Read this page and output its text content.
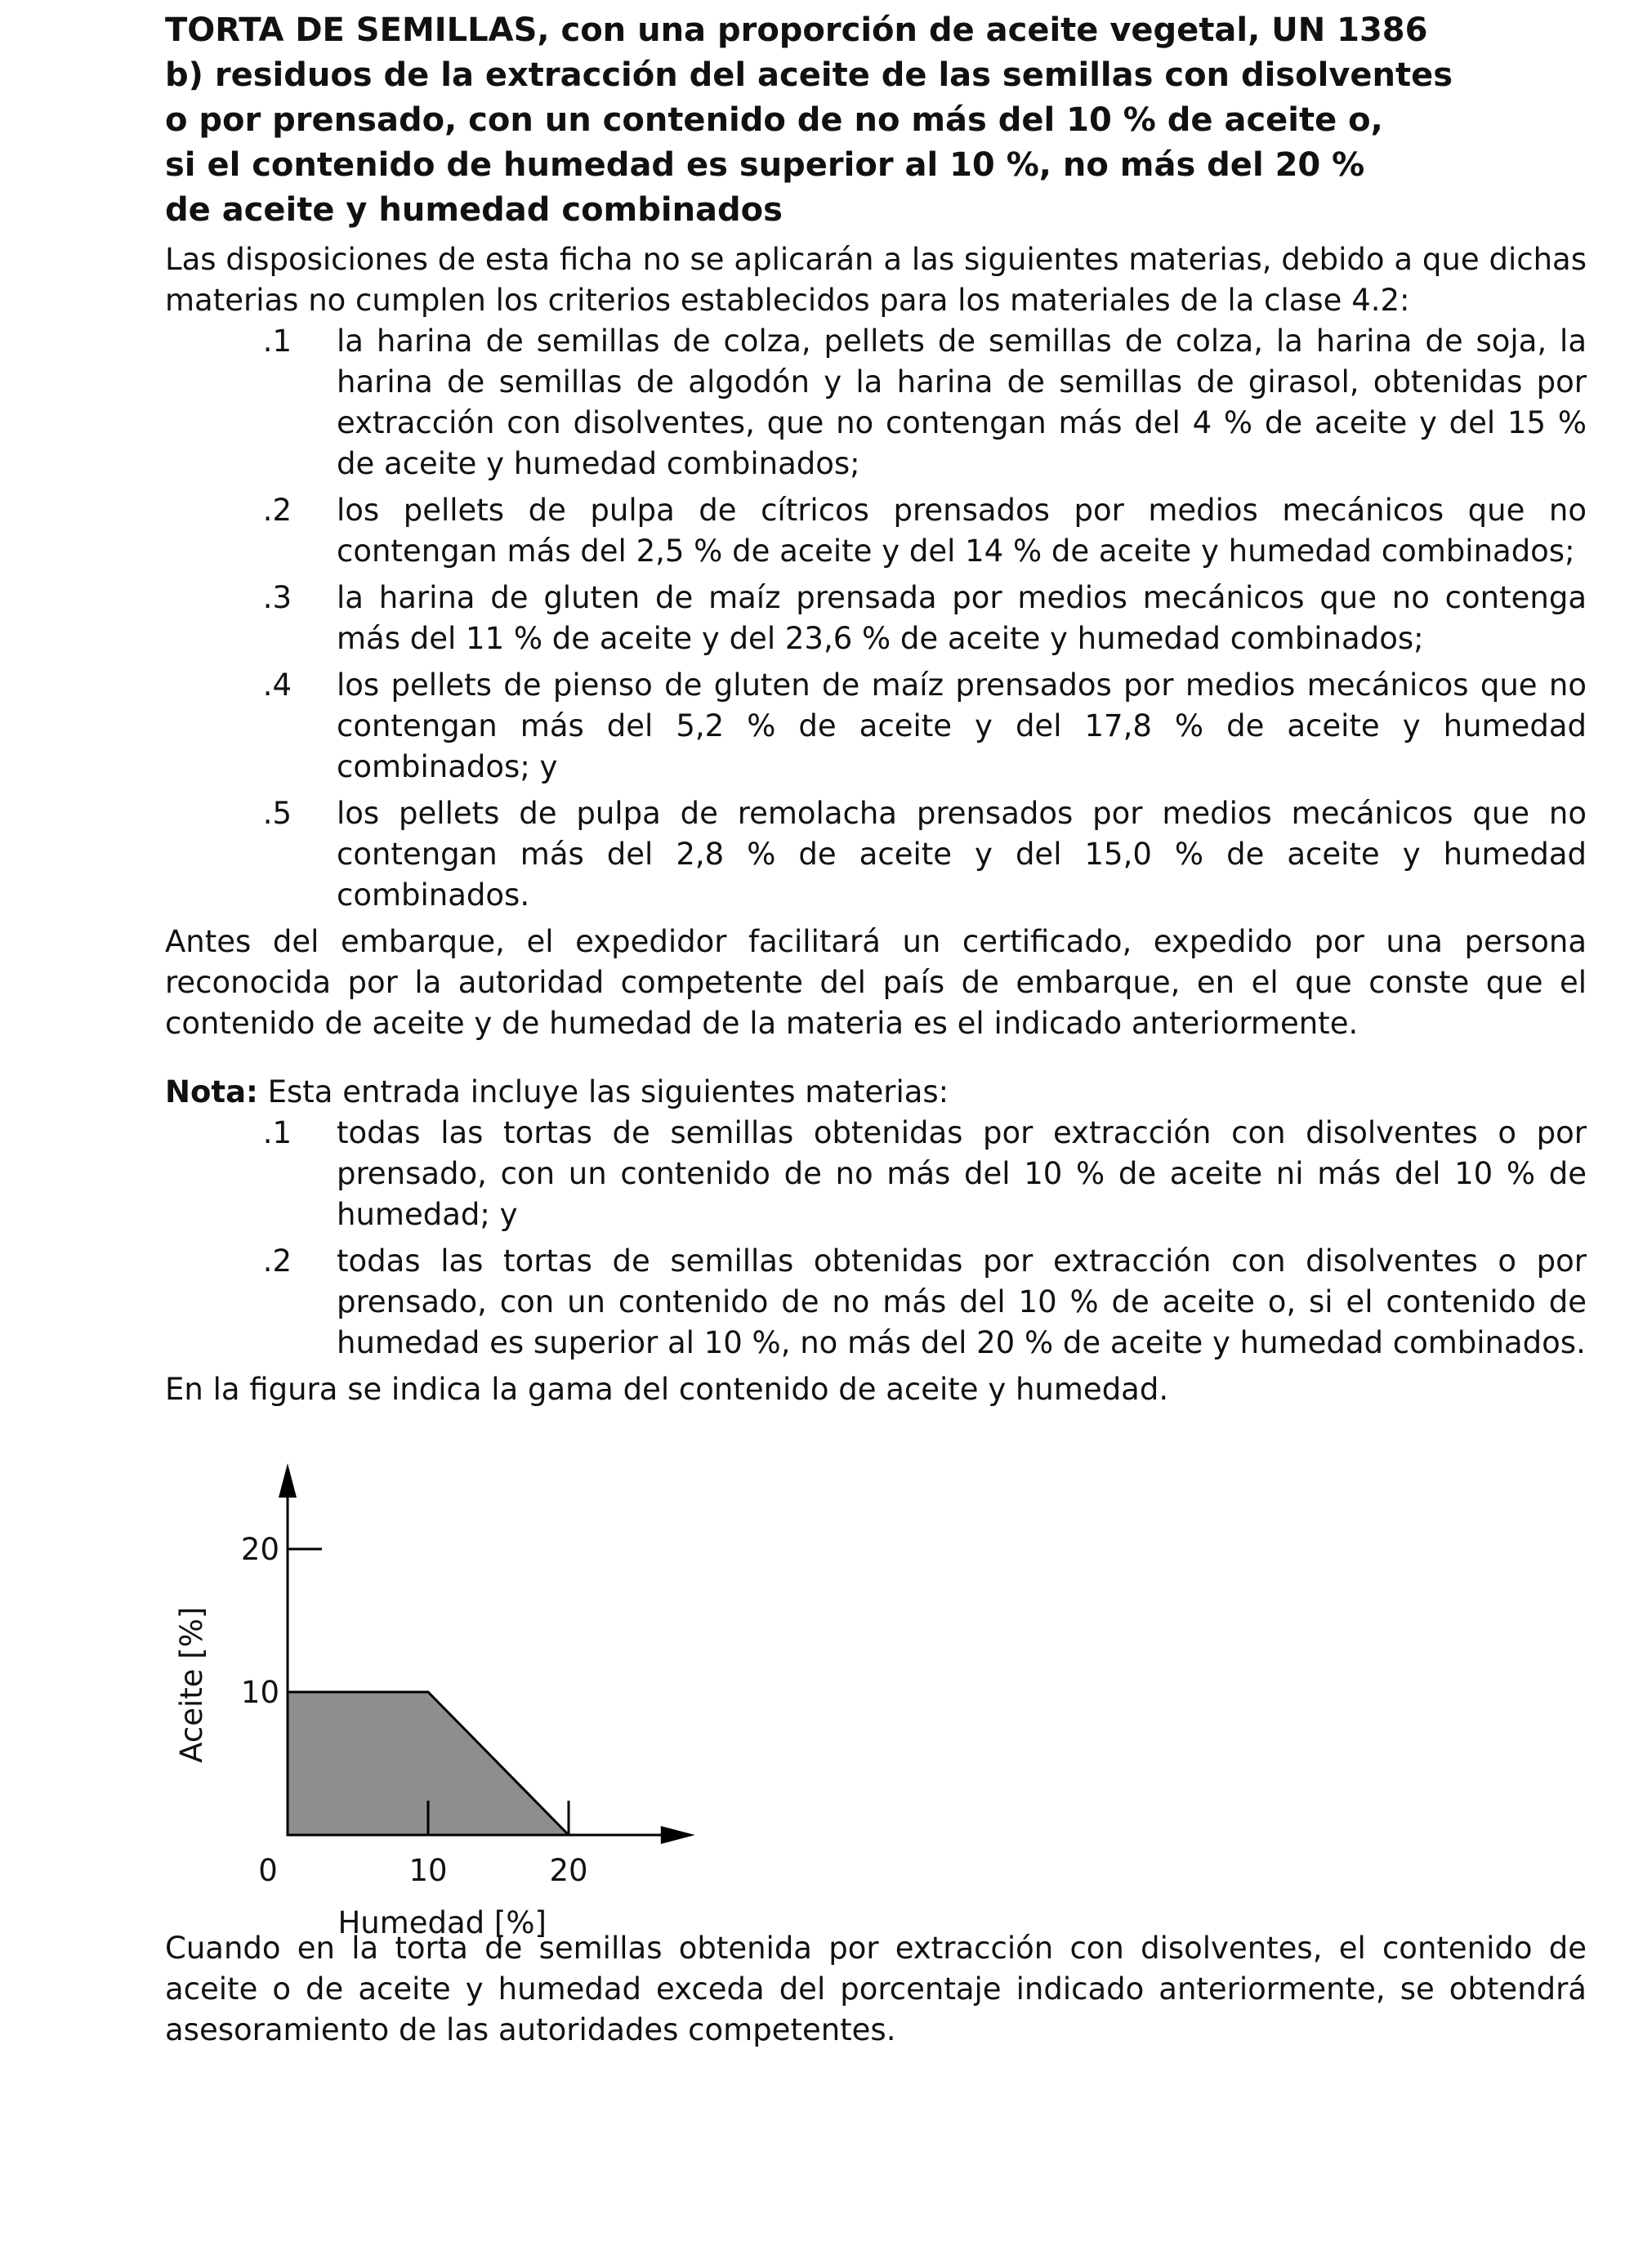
TORTA DE SEMILLAS, con una proporción de aceite vegetal, UN 1386
b) residuos de la extracción del aceite de las semillas con disolventes
o por prensado, con un contenido de no más del 10 % de aceite o,
si el contenido de humedad es superior al 10 %, no más del 20 %
de aceite y humedad combinados

Las disposiciones de esta ficha no se aplicarán a las siguientes materias, debido a que dichas materias no cumplen los criterios establecidos para los materiales de la clase 4.2:

.1	la harina de semillas de colza, pellets de semillas de colza, la harina de soja, la harina de semillas de algodón y la harina de semillas de girasol, obtenidas por extracción con disolventes, que no contengan más del 4 % de aceite y del 15 % de aceite y humedad combinados;
.2	los pellets de pulpa de cítricos prensados por medios mecánicos que no contengan más del 2,5 % de aceite y del 14 % de aceite y humedad combinados;
.3	la harina de gluten de maíz prensada por medios mecánicos que no contenga más del 11 % de aceite y del 23,6 % de aceite y humedad combinados;
.4	los pellets de pienso de gluten de maíz prensados por medios mecánicos que no contengan más del 5,2 % de aceite y del 17,8 % de aceite y humedad combinados; y
.5	los pellets de pulpa de remolacha prensados por medios mecánicos que no contengan más del 2,8 % de aceite y del 15,0 % de aceite y humedad combinados.

Antes del embarque, el expedidor facilitará un certificado, expedido por una persona reconocida por la autoridad competente del país de embarque, en el que conste que el contenido de aceite y de humedad de la materia es el indicado anteriormente.

Nota: Esta entrada incluye las siguientes materias:

.1	todas las tortas de semillas obtenidas por extracción con disolventes o por prensado, con un contenido de no más del 10 % de aceite ni más del 10 % de humedad; y
.2	todas las tortas de semillas obtenidas por extracción con disolventes o por prensado, con un contenido de no más del 10 % de aceite o, si el contenido de humedad es superior al 10 %, no más del 20 % de aceite y humedad combinados.

En la figura se indica la gama del contenido de aceite y humedad.

10
20
0	10	20
Humedad [%]
Aceite [%]

Cuando en la torta de semillas obtenida por extracción con disolventes, el contenido de aceite o de aceite y humedad exceda del porcentaje indicado anteriormente, se obtendrá asesoramiento de las autoridades competentes.
